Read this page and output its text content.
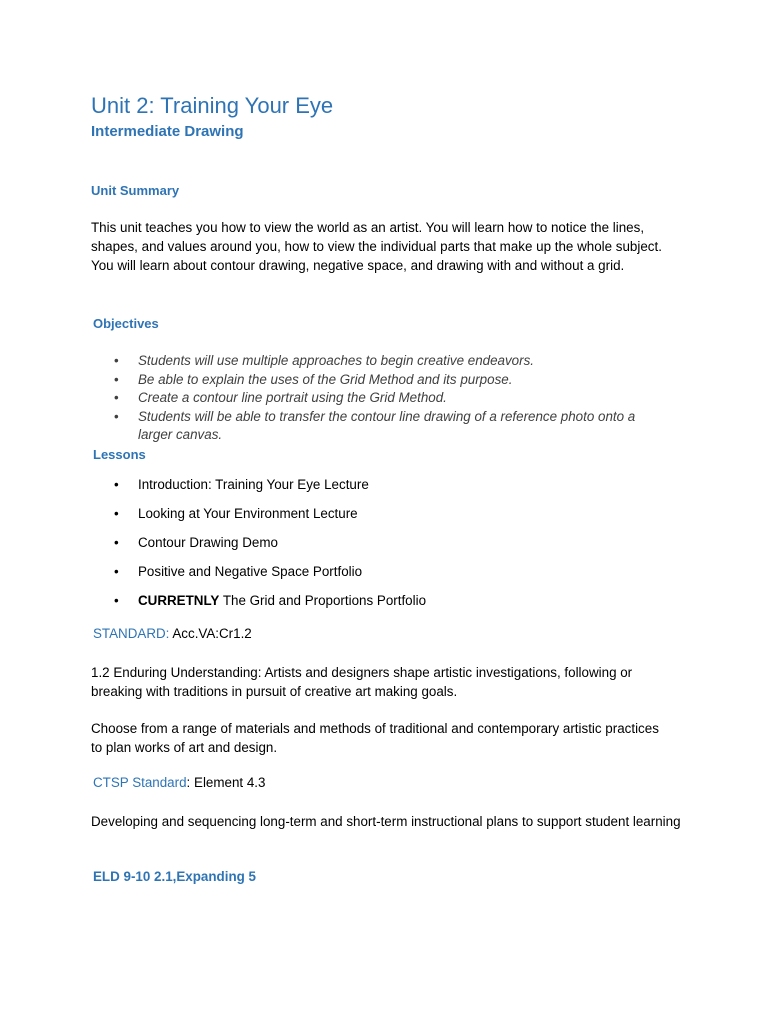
Unit 2: Training Your Eye
Intermediate Drawing
Unit Summary
This unit teaches you how to view the world as an artist. You will learn how to notice the lines, shapes, and values around you, how to view the individual parts that make up the whole subject. You will learn about contour drawing, negative space, and drawing with and without a grid.
Objectives
• Students will use multiple approaches to begin creative endeavors.
• Be able to explain the uses of the Grid Method and its purpose.
• Create a contour line portrait using the Grid Method.
• Students will be able to transfer the contour line drawing of a reference photo onto a larger canvas.
Lessons
• Introduction: Training Your Eye Lecture
• Looking at Your Environment Lecture
• Contour Drawing Demo
• Positive and Negative Space Portfolio
• CURRETNLY The Grid and Proportions Portfolio
STANDARD: Acc.VA:Cr1.2
1.2 Enduring Understanding: Artists and designers shape artistic investigations, following or breaking with traditions in pursuit of creative art making goals.
Choose from a range of materials and methods of traditional and contemporary artistic practices to plan works of art and design.
CTSP Standard: Element 4.3
Developing and sequencing long-term and short-term instructional plans to support student learning
ELD 9-10 2.1,Expanding 5
